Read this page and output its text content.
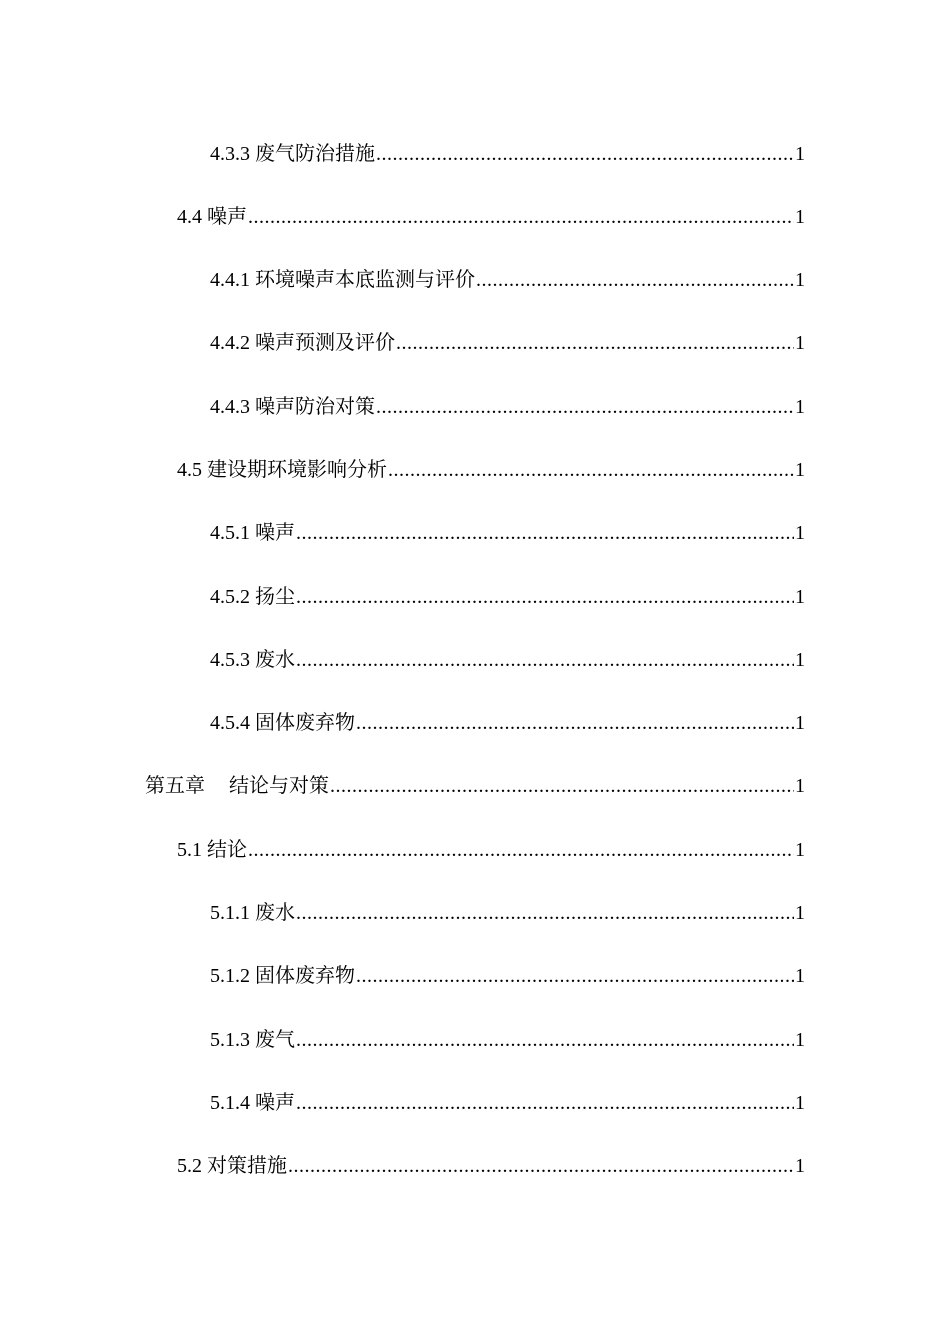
4.3.3 废气防治措施 .....	1
4.4 噪声 .....	1
4.4.1 环境噪声本底监测与评价 .....	1
4.4.2 噪声预测及评价 .....	1
4.4.3 噪声防治对策 .....	1
4.5 建设期环境影响分析 .....	1
4.5.1 噪声 .....	1
4.5.2 扬尘 .....	1
4.5.3 废水 .....	1
4.5.4 固体废弃物 .....	1
第五章 结论与对策 .....	1
5.1 结论 .....	1
5.1.1 废水 .....	1
5.1.2 固体废弃物 .....	1
5.1.3 废气 .....	1
5.1.4 噪声 .....	1
5.2 对策措施 .....	1
